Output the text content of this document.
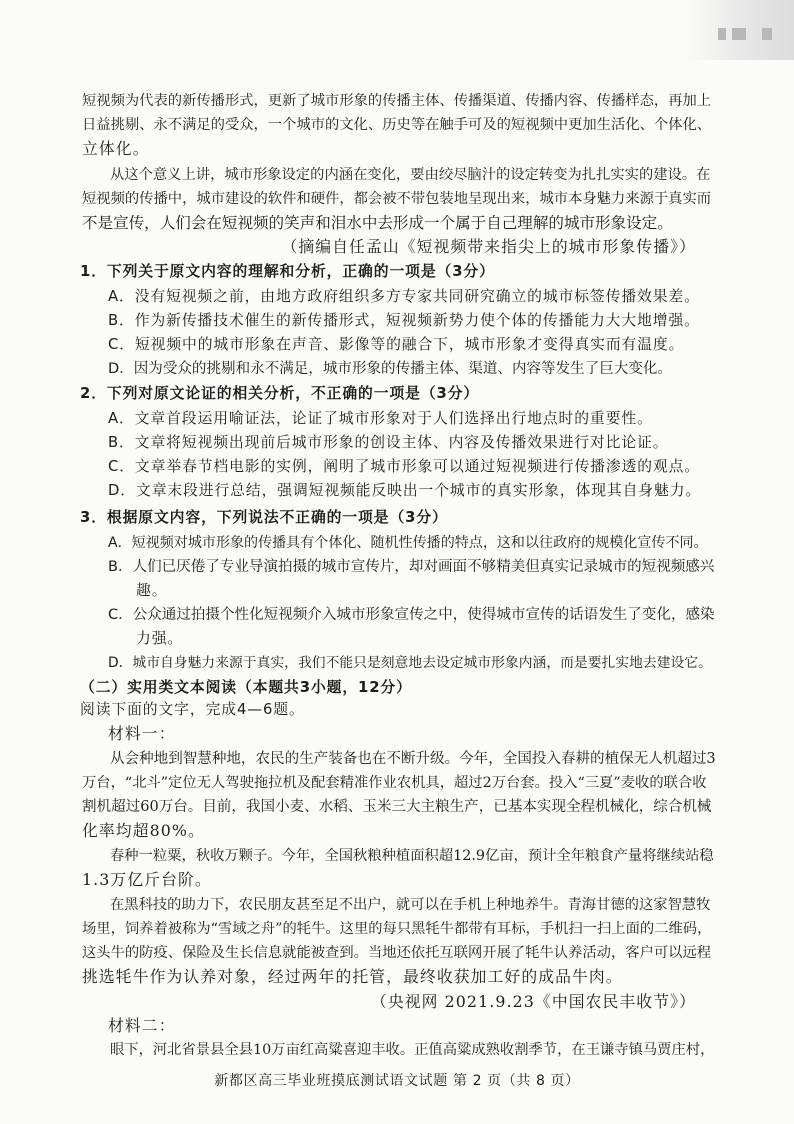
短视频为代表的新传播形式，更新了城市形象的传播主体、传播渠道、传播内容、传播样态，再加上
日益挑剔、永不满足的受众，一个城市的文化、历史等在触手可及的短视频中更加生活化、个体化、
立体化。
从这个意义上讲，城市形象设定的内涵在变化，要由绞尽脑汁的设定转变为扎扎实实的建设。在
短视频的传播中，城市建设的软件和硬件，都会被不带包装地呈现出来，城市本身魅力来源于真实而
不是宣传，人们会在短视频的笑声和泪水中去形成一个属于自己理解的城市形象设定。
（摘编自任孟山《短视频带来指尖上的城市形象传播》）
1．下列关于原文内容的理解和分析，正确的一项是（3分）
A．没有短视频之前，由地方政府组织多方专家共同研究确立的城市标签传播效果差。
B．作为新传播技术催生的新传播形式，短视频新势力使个体的传播能力大大地增强。
C．短视频中的城市形象在声音、影像等的融合下，城市形象才变得真实而有温度。
D．因为受众的挑剔和永不满足，城市形象的传播主体、渠道、内容等发生了巨大变化。
2．下列对原文论证的相关分析，不正确的一项是（3分）
A．文章首段运用喻证法，论证了城市形象对于人们选择出行地点时的重要性。
B．文章将短视频出现前后城市形象的创设主体、内容及传播效果进行对比论证。
C．文章举春节档电影的实例，阐明了城市形象可以通过短视频进行传播渗透的观点。
D．文章末段进行总结，强调短视频能反映出一个城市的真实形象，体现其自身魅力。
3．根据原文内容，下列说法不正确的一项是（3分）
A．短视频对城市形象的传播具有个体化、随机性传播的特点，这和以往政府的规模化宣传不同。
B．人们已厌倦了专业导演拍摄的城市宣传片，却对画面不够精美但真实记录城市的短视频感兴
趣。
C．公众通过拍摄个性化短视频介入城市形象宣传之中，使得城市宣传的话语发生了变化，感染
力强。
D．城市自身魅力来源于真实，我们不能只是刻意地去设定城市形象内涵，而是要扎实地去建设它。
（二）实用类文本阅读（本题共3小题，12分）
阅读下面的文字，完成4—6题。
材料一：
从会种地到智慧种地，农民的生产装备也在不断升级。今年，全国投入春耕的植保无人机超过3
万台，“北斗”定位无人驾驶拖拉机及配套精准作业农机具，超过2万台套。投入“三夏”麦收的联合收
割机超过60万台。目前，我国小麦、水稻、玉米三大主粮生产，已基本实现全程机械化，综合机械
化率均超80%。
春种一粒粟，秋收万颗子。今年，全国秋粮种植面积超12.9亿亩，预计全年粮食产量将继续站稳
1.3万亿斤台阶。
在黑科技的助力下，农民朋友甚至足不出户，就可以在手机上种地养牛。青海甘德的这家智慧牧
场里，饲养着被称为“雪域之舟”的牦牛。这里的每只黑牦牛都带有耳标，手机扫一扫上面的二维码，
这头牛的防疫、保险及生长信息就能被查到。当地还依托互联网开展了牦牛认养活动，客户可以远程
挑选牦牛作为认养对象，经过两年的托管，最终收获加工好的成品牛肉。
（央视网 2021.9.23《中国农民丰收节》）
材料二：
眼下，河北省景县全县10万亩红高粱喜迎丰收。正值高粱成熟收割季节，在王谦寺镇马贾庄村，
新都区高三毕业班摸底测试语文试题 第 2 页（共 8 页）
